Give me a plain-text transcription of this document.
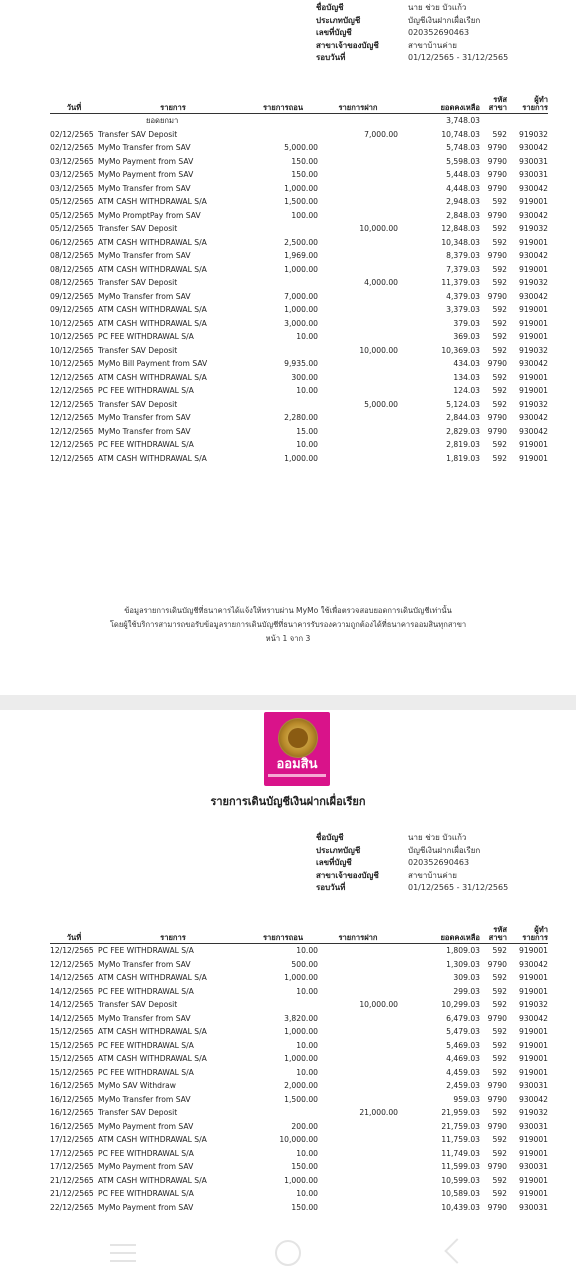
ชื่อบัญชี	นาย ช่วย บัวแก้ว
ประเภทบัญชี	บัญชีเงินฝากเผื่อเรียก
เลขที่บัญชี	020352690463
สาขาเจ้าของบัญชี	สาขาบ้านค่าย
รอบวันที่	01/12/2565 - 31/12/2565
วันที่	รายการ	รายการถอน	รายการฝาก	ยอดคงเหลือ	รหัส สาขา	ผู้ทำ รายการ
	ยอดยกมา			3,748.03		
02/12/2565	Transfer SAV Deposit		7,000.00	10,748.03	592	919032
02/12/2565	MyMo Transfer from SAV	5,000.00		5,748.03	9790	930042
03/12/2565	MyMo Payment from SAV	150.00		5,598.03	9790	930031
03/12/2565	MyMo Payment from SAV	150.00		5,448.03	9790	930031
03/12/2565	MyMo Transfer from SAV	1,000.00		4,448.03	9790	930042
05/12/2565	ATM CASH WITHDRAWAL S/A	1,500.00		2,948.03	592	919001
05/12/2565	MyMo PromptPay from SAV	100.00		2,848.03	9790	930042
05/12/2565	Transfer SAV Deposit		10,000.00	12,848.03	592	919032
06/12/2565	ATM CASH WITHDRAWAL S/A	2,500.00		10,348.03	592	919001
08/12/2565	MyMo Transfer from SAV	1,969.00		8,379.03	9790	930042
08/12/2565	ATM CASH WITHDRAWAL S/A	1,000.00		7,379.03	592	919001
08/12/2565	Transfer SAV Deposit		4,000.00	11,379.03	592	919032
09/12/2565	MyMo Transfer from SAV	7,000.00		4,379.03	9790	930042
09/12/2565	ATM CASH WITHDRAWAL S/A	1,000.00		3,379.03	592	919001
10/12/2565	ATM CASH WITHDRAWAL S/A	3,000.00		379.03	592	919001
10/12/2565	PC FEE WITHDRAWAL S/A	10.00		369.03	592	919001
10/12/2565	Transfer SAV Deposit		10,000.00	10,369.03	592	919032
10/12/2565	MyMo Bill Payment from SAV	9,935.00		434.03	9790	930042
12/12/2565	ATM CASH WITHDRAWAL S/A	300.00		134.03	592	919001
12/12/2565	PC FEE WITHDRAWAL S/A	10.00		124.03	592	919001
12/12/2565	Transfer SAV Deposit		5,000.00	5,124.03	592	919032
12/12/2565	MyMo Transfer from SAV	2,280.00		2,844.03	9790	930042
12/12/2565	MyMo Transfer from SAV	15.00		2,829.03	9790	930042
12/12/2565	PC FEE WITHDRAWAL S/A	10.00		2,819.03	592	919001
12/12/2565	ATM CASH WITHDRAWAL S/A	1,000.00		1,819.03	592	919001
ข้อมูลรายการเดินบัญชีที่ธนาคารได้แจ้งให้ทราบผ่าน MyMo ใช้เพื่อตรวจสอบยอดการเดินบัญชีเท่านั้น
โดยผู้ใช้บริการสามารถขอรับข้อมูลรายการเดินบัญชีที่ธนาคารรับรองความถูกต้องได้ที่ธนาคารออมสินทุกสาขา
หน้า 1 จาก 3
ออมสิน
รายการเดินบัญชีเงินฝากเผื่อเรียก
ชื่อบัญชี	นาย ช่วย บัวแก้ว
ประเภทบัญชี	บัญชีเงินฝากเผื่อเรียก
เลขที่บัญชี	020352690463
สาขาเจ้าของบัญชี	สาขาบ้านค่าย
รอบวันที่	01/12/2565 - 31/12/2565
วันที่	รายการ	รายการถอน	รายการฝาก	ยอดคงเหลือ	รหัส สาขา	ผู้ทำ รายการ
12/12/2565	PC FEE WITHDRAWAL S/A	10.00		1,809.03	592	919001
12/12/2565	MyMo Transfer from SAV	500.00		1,309.03	9790	930042
14/12/2565	ATM CASH WITHDRAWAL S/A	1,000.00		309.03	592	919001
14/12/2565	PC FEE WITHDRAWAL S/A	10.00		299.03	592	919001
14/12/2565	Transfer SAV Deposit		10,000.00	10,299.03	592	919032
14/12/2565	MyMo Transfer from SAV	3,820.00		6,479.03	9790	930042
15/12/2565	ATM CASH WITHDRAWAL S/A	1,000.00		5,479.03	592	919001
15/12/2565	PC FEE WITHDRAWAL S/A	10.00		5,469.03	592	919001
15/12/2565	ATM CASH WITHDRAWAL S/A	1,000.00		4,469.03	592	919001
15/12/2565	PC FEE WITHDRAWAL S/A	10.00		4,459.03	592	919001
16/12/2565	MyMo SAV Withdraw	2,000.00		2,459.03	9790	930031
16/12/2565	MyMo Transfer from SAV	1,500.00		959.03	9790	930042
16/12/2565	Transfer SAV Deposit		21,000.00	21,959.03	592	919032
16/12/2565	MyMo Payment from SAV	200.00		21,759.03	9790	930031
17/12/2565	ATM CASH WITHDRAWAL S/A	10,000.00		11,759.03	592	919001
17/12/2565	PC FEE WITHDRAWAL S/A	10.00		11,749.03	592	919001
17/12/2565	MyMo Payment from SAV	150.00		11,599.03	9790	930031
21/12/2565	ATM CASH WITHDRAWAL S/A	1,000.00		10,599.03	592	919001
21/12/2565	PC FEE WITHDRAWAL S/A	10.00		10,589.03	592	919001
22/12/2565	MyMo Payment from SAV	150.00		10,439.03	9790	930031
